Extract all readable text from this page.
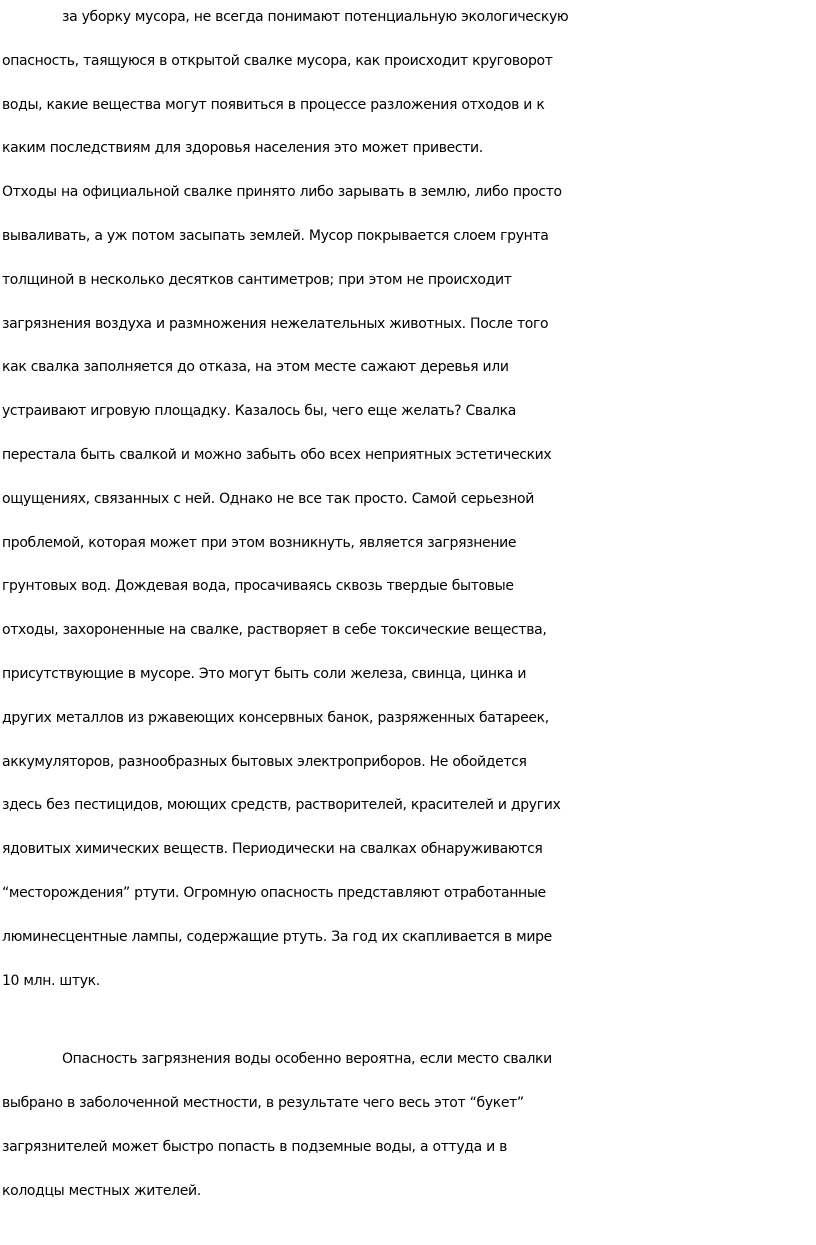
за уборку мусора, не всегда понимают потенциальную экологическую
опасность, таящуюся в открытой свалке мусора, как происходит круговорот
воды, какие вещества могут появиться в процессе разложения отходов и к
каким последствиям для здоровья населения это может привести.
Отходы на официальной свалке принято либо зарывать в землю, либо просто
вываливать, а уж потом засыпать землей. Мусор покрывается слоем грунта
толщиной в несколько десятков сантиметров; при этом не происходит
загрязнения воздуха и размножения нежелательных животных. После того
как свалка заполняется до отказа, на этом месте сажают деревья или
устраивают игровую площадку. Казалось бы, чего еще желать? Свалка
перестала быть свалкой и можно забыть обо всех неприятных эстетических
ощущениях, связанных с ней. Однако не все так просто. Самой серьезной
проблемой, которая может при этом возникнуть, является загрязнение
грунтовых вод. Дождевая вода, просачиваясь сквозь твердые бытовые
отходы, захороненные на свалке, растворяет в себе токсические вещества,
присутствующие в мусоре. Это могут быть соли железа, свинца, цинка и
других металлов из ржавеющих консервных банок, разряженных батареек,
аккумуляторов, разнообразных бытовых электроприборов. Не обойдется
здесь без пестицидов, моющих средств, растворителей, красителей и других
ядовитых химических веществ. Периодически на свалках обнаруживаются
“месторождения” ртути. Огромную опасность представляют отработанные
люминесцентные лампы, содержащие ртуть. За год их скапливается в мире
10 млн. штук.
Опасность загрязнения воды особенно вероятна, если место свалки
выбрано в заболоченной местности, в результате чего весь этот “букет”
загрязнителей может быстро попасть в подземные воды, а оттуда и в
колодцы местных жителей.
